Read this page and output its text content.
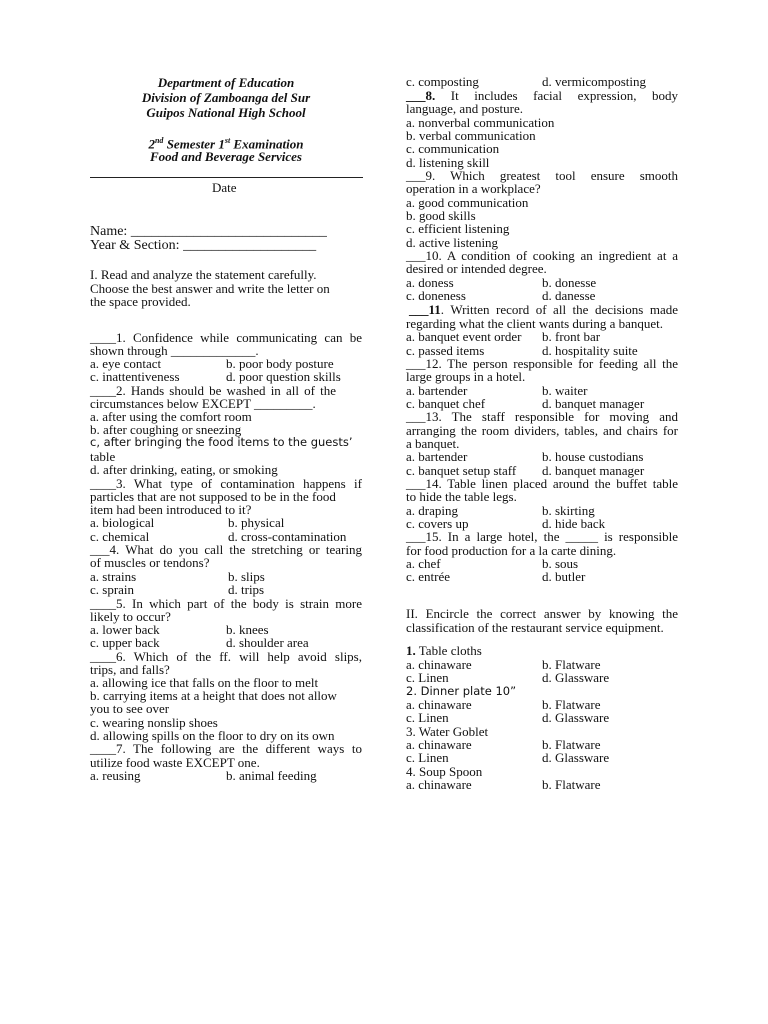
Department of Education
Division of Zamboanga del Sur
Guipos National High School
2nd Semester 1st Examination
Food and Beverage Services
Date
Name: ____________________________
Year & Section: ___________________
I. Read and analyze the statement carefully.
Choose the best answer and write the letter on
the space provided.
____1. Confidence while communicating can be
shown through _____________.
a. eye contact	b. poor body posture
c. inattentiveness	d. poor question skills
____2. Hands should be washed in all of the
circumstances below EXCEPT _________.
a. after using the comfort room
b. after coughing or sneezing
c, after bringing the food items to the guests’
table
d. after drinking, eating, or smoking
____3. What type of contamination happens if
particles that are not supposed to be in the food
item had been introduced to it?
a. biological	b. physical
c. chemical	d. cross-contamination
___4. What do you call the stretching or tearing
of muscles or tendons?
a. strains	b. slips
c. sprain	d. trips
____5. In which part of the body is strain more
likely to occur?
a. lower back	b. knees
c. upper back	d. shoulder area
____6. Which of the ff. will help avoid slips,
trips, and falls?
a. allowing ice that falls on the floor to melt
b. carrying items at a height that does not allow
you to see over
c. wearing nonslip shoes
d. allowing spills on the floor to dry on its own
____7. The following are the different ways to
utilize food waste EXCEPT one.
a. reusing	b. animal feeding
c. composting	d. vermicomposting
___8. It includes facial expression, body
language, and posture.
a. nonverbal communication
b. verbal communication
c. communication
d. listening skill
___9. Which greatest tool ensure smooth
operation in a workplace?
a. good communication
b. good skills
c. efficient listening
d. active listening
___10. A condition of cooking an ingredient at a
desired or intended degree.
a. doness	b. donesse
c. doneness	d. danesse
___11. Written record of all the decisions made
regarding what the client wants during a banquet.
a. banquet event order b. front bar
c. passed items	d. hospitality suite
___12. The person responsible for feeding all the
large groups in a hotel.
a. bartender	b. waiter
c. banquet chef	d. banquet manager
___13. The staff responsible for moving and
arranging the room dividers, tables, and chairs for
a banquet.
a. bartender	b. house custodians
c. banquet setup staff d. banquet manager
___14. Table linen placed around the buffet table
to hide the table legs.
a. draping	b. skirting
c. covers up	d. hide back
___15. In a large hotel, the _____ is responsible
for food production for a la carte dining.
a. chef	b. sous
c. entrée	d. butler
II. Encircle the correct answer by knowing the
classification of the restaurant service equipment.
1. Table cloths
a. chinaware	b. Flatware
c. Linen	d. Glassware
2. Dinner plate 10”
a. chinaware	b. Flatware
c. Linen	d. Glassware
3. Water Goblet
a. chinaware	b. Flatware
c. Linen	d. Glassware
4. Soup Spoon
a. chinaware	b. Flatware
